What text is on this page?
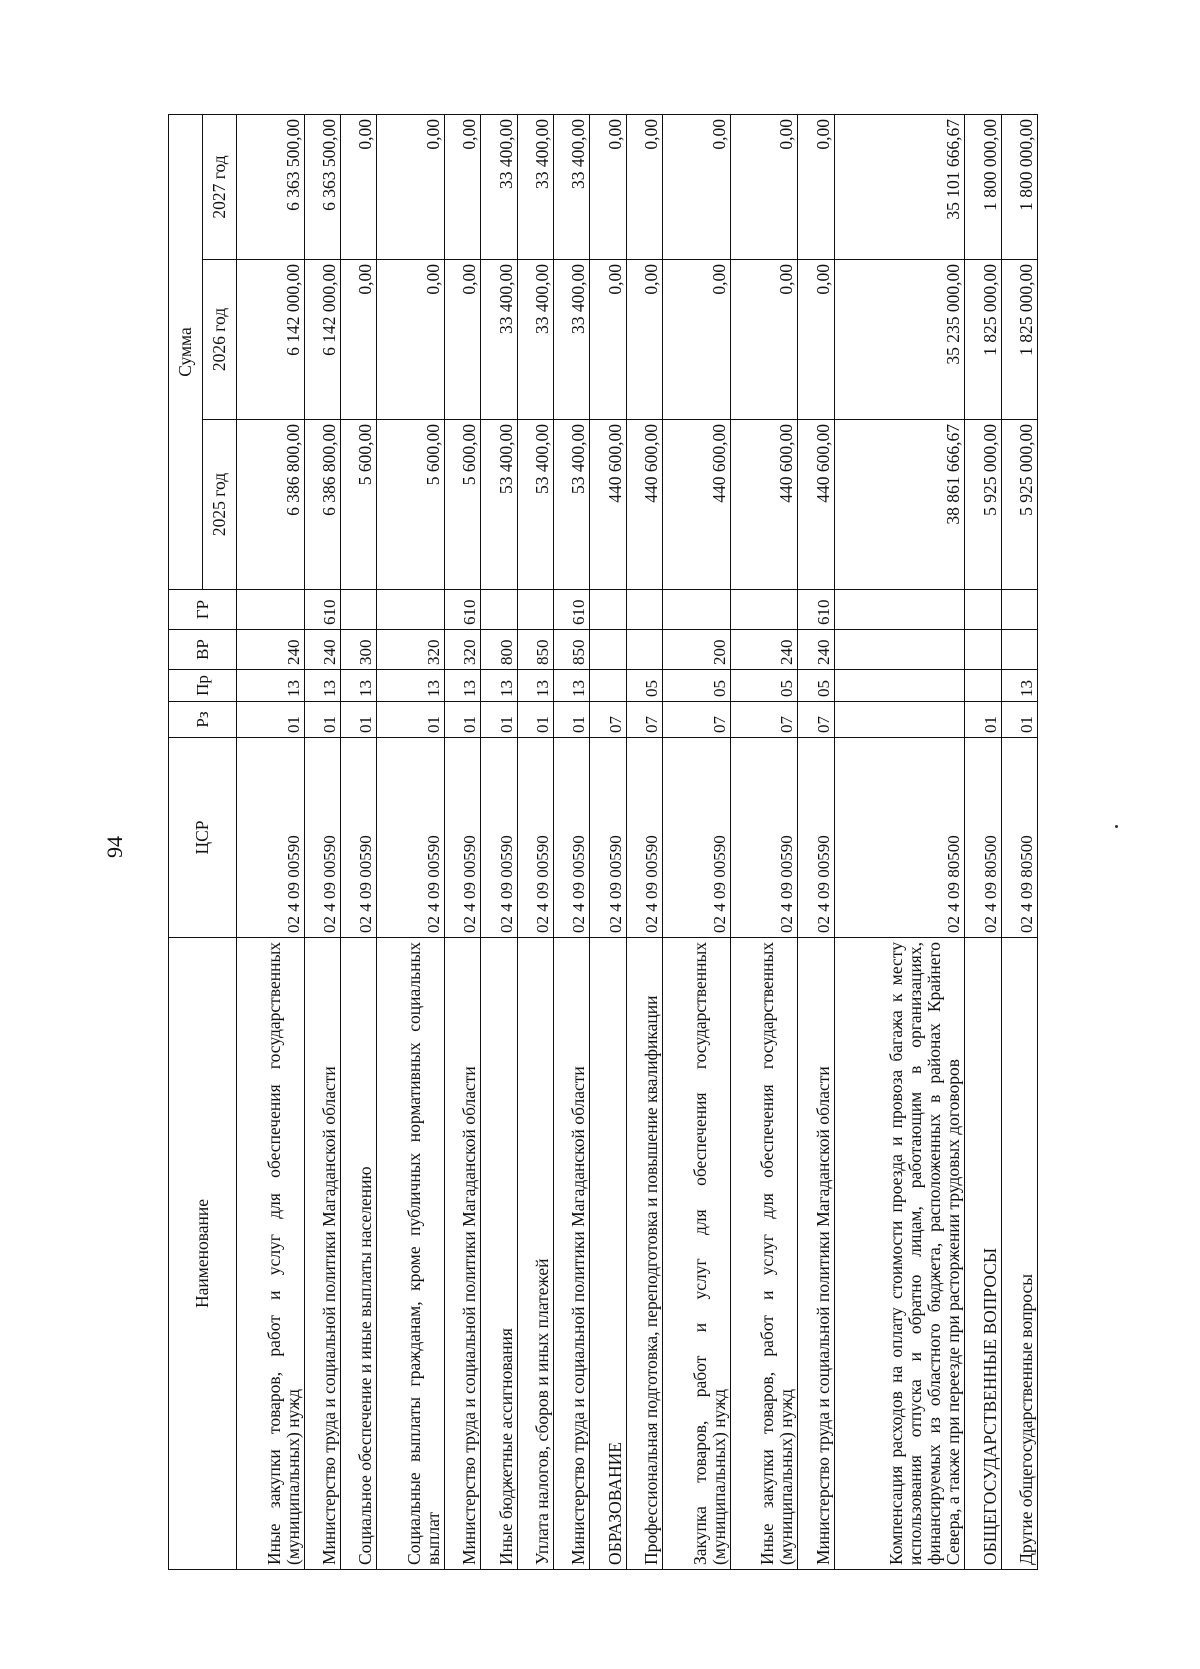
94
Наименование	ЦСР	Рз	Пр	ВР	ГР	Сумма		
						2025 год	2026 год	2027 год
Иные закупки товаров, работ и услуг для обеспечения государственных (муниципальных) нужд	02 4 09 00590	01	13	240		6 386 800,00	6 142 000,00	6 363 500,00
Министерство труда и социальной политики Магаданской области	02 4 09 00590	01	13	240	610	6 386 800,00	6 142 000,00	6 363 500,00
Социальное обеспечение и иные выплаты населению	02 4 09 00590	01	13	300		5 600,00	0,00	0,00
Социальные выплаты гражданам, кроме публичных нормативных социальных выплат	02 4 09 00590	01	13	320		5 600,00	0,00	0,00
Министерство труда и социальной политики Магаданской области	02 4 09 00590	01	13	320	610	5 600,00	0,00	0,00
Иные бюджетные ассигнования	02 4 09 00590	01	13	800		53 400,00	33 400,00	33 400,00
Уплата налогов, сборов и иных платежей	02 4 09 00590	01	13	850		53 400,00	33 400,00	33 400,00
Министерство труда и социальной политики Магаданской области	02 4 09 00590	01	13	850	610	53 400,00	33 400,00	33 400,00
ОБРАЗОВАНИЕ	02 4 09 00590	07				440 600,00	0,00	0,00
Профессиональная подготовка, переподготовка и повышение квалификации	02 4 09 00590	07	05			440 600,00	0,00	0,00
Закупка товаров, работ и услуг для обеспечения государственных (муниципальных) нужд	02 4 09 00590	07	05	200		440 600,00	0,00	0,00
Иные закупки товаров, работ и услуг для обеспечения государственных (муниципальных) нужд	02 4 09 00590	07	05	240		440 600,00	0,00	0,00
Министерство труда и социальной политики Магаданской области	02 4 09 00590	07	05	240	610	440 600,00	0,00	0,00
Компенсация расходов на оплату стоимости проезда и провоза багажа к месту использования отпуска и обратно лицам, работающим в организациях, финансируемых из областного бюджета, расположенных в районах Крайнего Севера, а также при переезде при расторжении трудовых договоров	02 4 09 80500					38 861 666,67	35 235 000,00	35 101 666,67
ОБЩЕГОСУДАРСТВЕННЫЕ ВОПРОСЫ	02 4 09 80500	01				5 925 000,00	1 825 000,00	1 800 000,00
Другие общегосударственные вопросы	02 4 09 80500	01	13			5 925 000,00	1 825 000,00	1 800 000,00
